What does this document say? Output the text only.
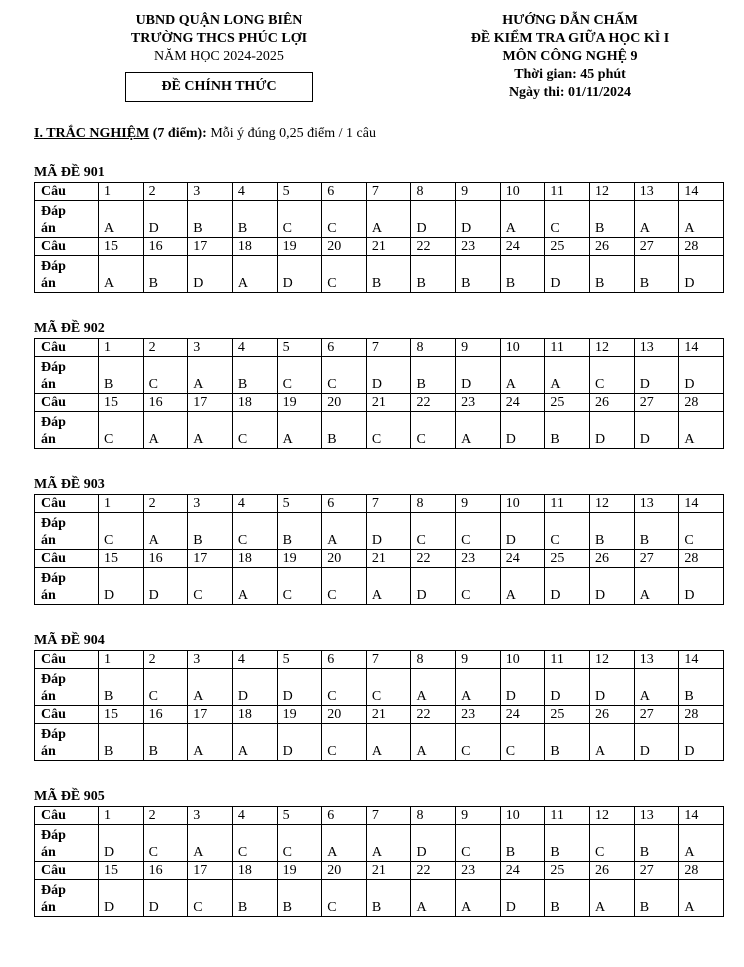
UBND QUẬN LONG BIÊN
TRƯỜNG THCS PHÚC LỢI
NĂM HỌC 2024-2025
ĐỀ CHÍNH THỨC
HƯỚNG DẪN CHẤM
ĐỀ KIỂM TRA GIỮA HỌC KÌ I
MÔN CÔNG NGHỆ 9
Thời gian: 45 phút
Ngày thi: 01/11/2024
I. TRẮC NGHIỆM (7 điểm): Mỗi ý đúng 0,25 điểm / 1 câu
MÃ ĐỀ 901
Câu	1	2	3	4	5	6	7	8	9	10	11	12	13	14

Đáp
án	A	D	B	B	C	C	A	D	D	A	C	B	A	A
Câu	15	16	17	18	19	20	21	22	23	24	25	26	27	28

Đáp
án	A	B	D	A	D	C	B	B	B	B	D	B	B	D
MÃ ĐỀ 902
Câu	1	2	3	4	5	6	7	8	9	10	11	12	13	14

Đáp
án	B	C	A	B	C	C	D	B	D	A	A	C	D	D
Câu	15	16	17	18	19	20	21	22	23	24	25	26	27	28

Đáp
án	C	A	A	C	A	B	C	C	A	D	B	D	D	A
MÃ ĐỀ 903
Câu	1	2	3	4	5	6	7	8	9	10	11	12	13	14

Đáp
án	C	A	B	C	B	A	D	C	C	D	C	B	B	C
Câu	15	16	17	18	19	20	21	22	23	24	25	26	27	28

Đáp
án	D	D	C	A	C	C	A	D	C	A	D	D	A	D
MÃ ĐỀ 904
Câu	1	2	3	4	5	6	7	8	9	10	11	12	13	14

Đáp
án	B	C	A	D	D	C	C	A	A	D	D	D	A	B
Câu	15	16	17	18	19	20	21	22	23	24	25	26	27	28

Đáp
án	B	B	A	A	D	C	A	A	C	C	B	A	D	D
MÃ ĐỀ 905
Câu	1	2	3	4	5	6	7	8	9	10	11	12	13	14

Đáp
án	D	C	A	C	C	A	A	D	C	B	B	C	B	A
Câu	15	16	17	18	19	20	21	22	23	24	25	26	27	28

Đáp
án	D	D	C	B	B	C	B	A	A	D	B	A	B	A
